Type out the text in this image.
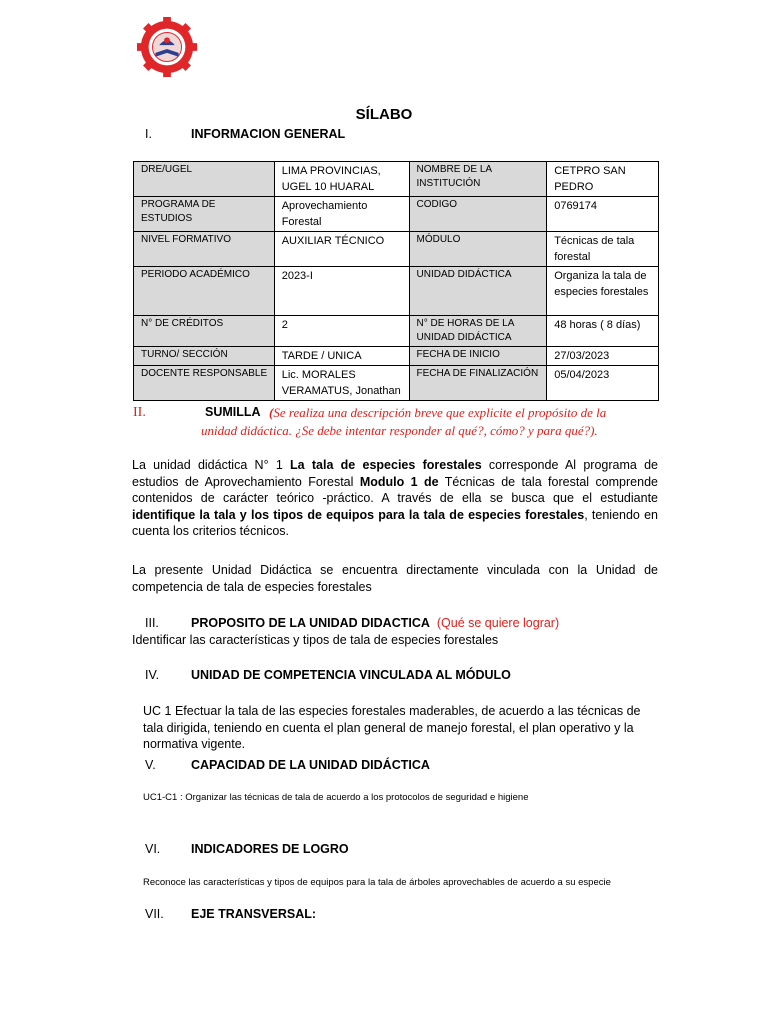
SÍLABO
I.	INFORMACION GENERAL
DRE/UGEL	LIMA PROVINCIAS, UGEL 10 HUARAL	NOMBRE DE LA INSTITUCIÓN	CETPRO SAN PEDRO
PROGRAMA DE ESTUDIOS	Aprovechamiento Forestal	CODIGO	0769174
NIVEL FORMATIVO	AUXILIAR TÉCNICO	MÓDULO	Técnicas de tala forestal
PERIODO ACADÉMICO	2023-I	UNIDAD DIDÁCTICA	Organiza la tala de especies forestales
N° DE CRÉDITOS	2	N° DE HORAS DE LA UNIDAD DIDÁCTICA	48 horas ( 8 días)
TURNO/ SECCIÓN	TARDE / UNICA	FECHA DE INICIO	27/03/2023
DOCENTE RESPONSABLE	Lic. MORALES VERAMATUS, Jonathan	FECHA DE FINALIZACIÓN	05/04/2023
II.	SUMILLA (Se realiza una descripción breve que explicite el propósito de la
unidad didáctica. ¿Se debe intentar responder al qué?, cómo? y para qué?).

La unidad didáctica N° 1 La tala de especies forestales corresponde Al programa de estudios de Aprovechamiento Forestal Modulo 1 de Técnicas de tala forestal comprende contenidos de carácter teórico -práctico. A través de ella se busca que el estudiante identifique la tala y los tipos de equipos para la tala de especies forestales, teniendo en cuenta los criterios técnicos.

La presente Unidad Didáctica se encuentra directamente vinculada con la Unidad de competencia de tala de especies forestales

III.	PROPOSITO DE LA UNIDAD DIDACTICA (Qué se quiere lograr)

Identificar las características y tipos de tala de especies forestales

IV.	UNIDAD DE COMPETENCIA VINCULADA AL MÓDULO

UC 1 Efectuar la tala de las especies forestales maderables, de acuerdo a las técnicas de tala dirigida, teniendo en cuenta el plan general de manejo forestal, el plan operativo y la normativa vigente.

V.	CAPACIDAD DE LA UNIDAD DIDÁCTICA

UC1-C1 : Organizar las técnicas de tala de acuerdo a los protocolos de seguridad e higiene

VI. INDICADORES DE LOGRO

Reconoce las características y tipos de equipos para la tala de árboles aprovechables de acuerdo a su especie

VII. EJE TRANSVERSAL:
